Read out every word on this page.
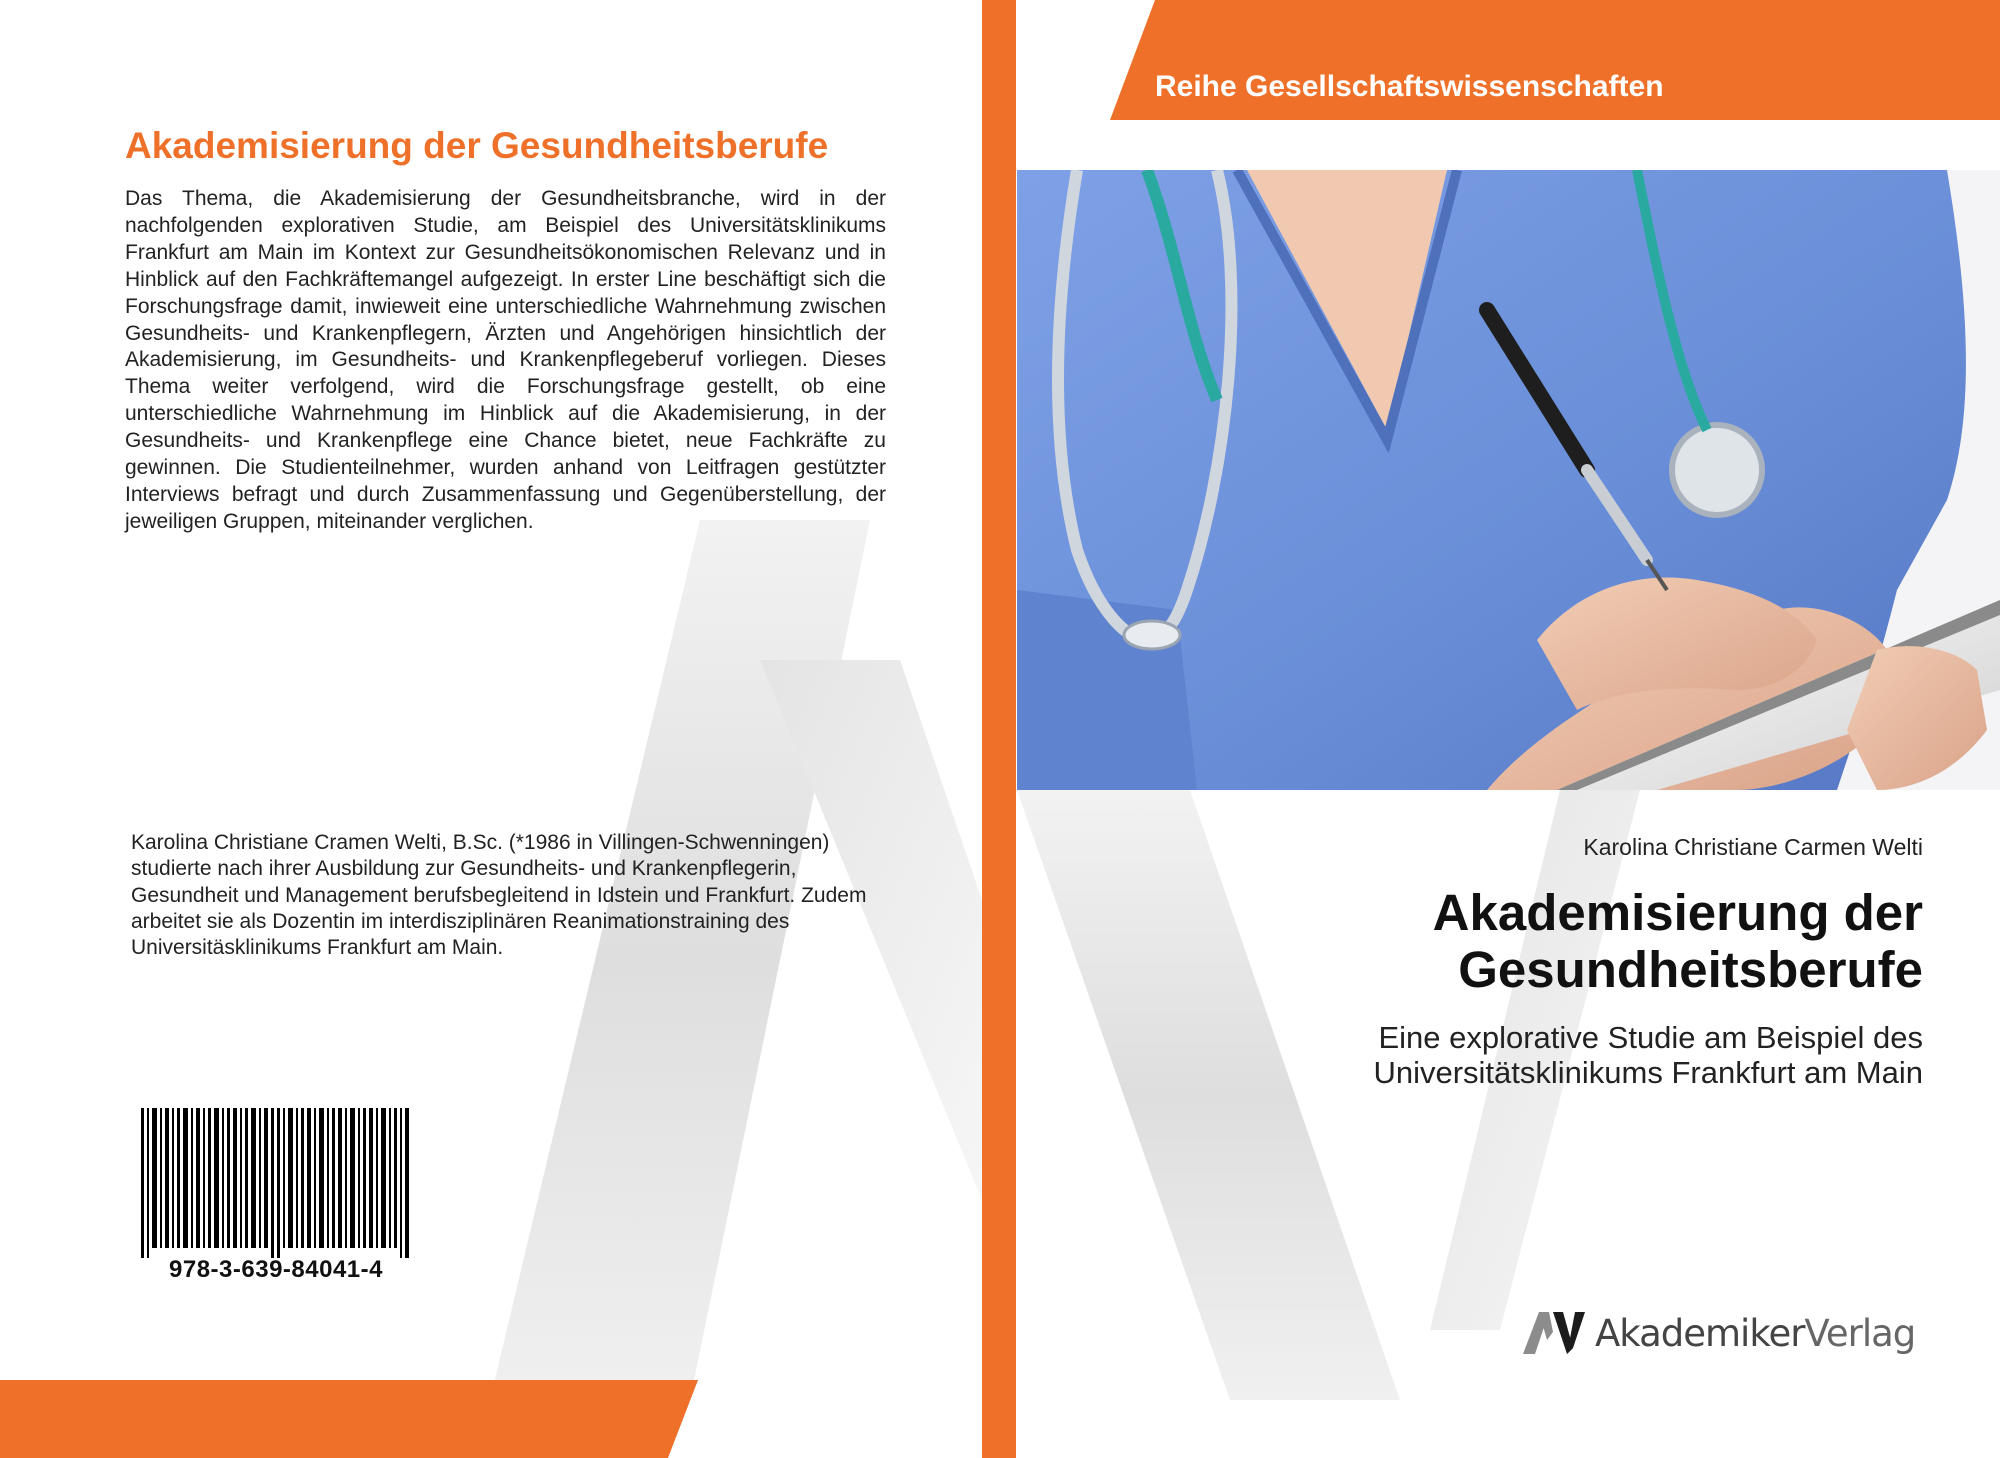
Akademisierung der Gesundheitsberufe
Das Thema, die Akademisierung der Gesundheitsbranche, wird in der nachfolgenden explorativen Studie, am Beispiel des Universitätsklinikums Frankfurt am Main im Kontext zur Gesundheitsökonomischen Relevanz und in Hinblick auf den Fachkräftemangel aufgezeigt. In erster Line beschäftigt sich die Forschungsfrage damit, inwieweit eine unterschiedliche Wahrnehmung zwischen Gesundheits- und Krankenpflegern, Ärzten und Angehörigen hinsichtlich der Akademisierung, im Gesundheits- und Krankenpflegeberuf vorliegen. Dieses Thema weiter verfolgend, wird die Forschungsfrage gestellt, ob eine unterschiedliche Wahrnehmung im Hinblick auf die Akademisierung, in der Gesundheits- und Krankenpflege eine Chance bietet, neue Fachkräfte zu gewinnen. Die Studienteilnehmer, wurden anhand von Leitfragen gestützter Interviews befragt und durch Zusammenfassung und Gegenüberstellung, der jeweiligen Gruppen, miteinander verglichen.
Karolina Christiane Cramen Welti, B.Sc. (*1986 in Villingen-Schwenningen) studierte nach ihrer Ausbildung zur Gesundheits- und Krankenpflegerin, Gesundheit und Management berufsbegleitend in Idstein und Frankfurt. Zudem arbeitet sie als Dozentin im interdisziplinären Reanimationstraining des Universitäsklinikums Frankfurt am Main.
978-3-639-84041-4
Reihe Gesellschaftswissenschaften
Karolina Christiane Carmen Welti
Akademisierung der
Gesundheitsberufe
Eine explorative Studie am Beispiel des
Universitätsklinikums Frankfurt am Main
AkademikerVerlag
